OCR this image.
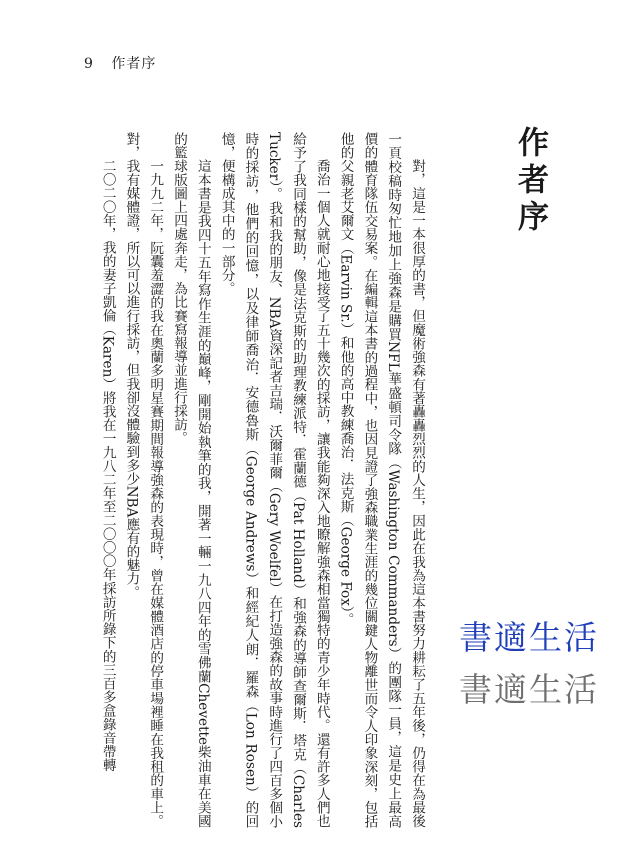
9 作者序
作者序

對，這是一本很厚的書，但魔術強森有著轟轟烈烈的人生，因此在我為這本書努力耕耘了五年後，仍得在為最後一頁校稿時匆忙地加上強森是購買NFL華盛頓司令隊（Washington Commanders）的團隊一員，這是史上最高價的體育隊伍交易案。在編輯這本書的過程中，也因見證了強森職業生涯的幾位關鍵人物離世而令人印象深刻，包括他的父親老艾爾文（Earvin Sr.）和他的高中教練喬治．法克斯（George Fox）。

喬治一個人就耐心地接受了五十幾次的採訪，讓我能夠深入地瞭解強森相當獨特的青少年時代。還有許多人們也給予了我同樣的幫助，像是法克斯的助理教練派特．霍蘭德（Pat Holland）和強森的導師查爾斯．塔克（Charles Tucker）。我和我的朋友、NBA資深記者吉瑞．沃爾菲爾（Gery Woelfel）在打造強森的故事時進行了四百多個小時的採訪，他們的回憶，以及律師喬治．安德魯斯（George Andrews）和經紀人朗．羅森（Lon Rosen）的回憶，便構成其中的一部分。

這本書是我四十五年寫作生涯的巔峰，剛開始執筆的我，開著一輛一九八四年的雪佛蘭Chevette柴油車在美國的籃球版圖上四處奔走，為比賽寫報導並進行採訪。

一九九二年，阮囊羞澀的我在奧蘭多明星賽期間報導強森的表現時，曾在媒體酒店的停車場裡睡在我租的車上。對，我有媒體證，所以可以進行採訪，但我卻沒體驗到多少NBA應有的魅力。

二〇二〇年，我的妻子凱倫（Karen）將我在一九八二年至二〇〇〇年採訪所錄下的三百多盒錄音帶轉	書適生活
書適生活
